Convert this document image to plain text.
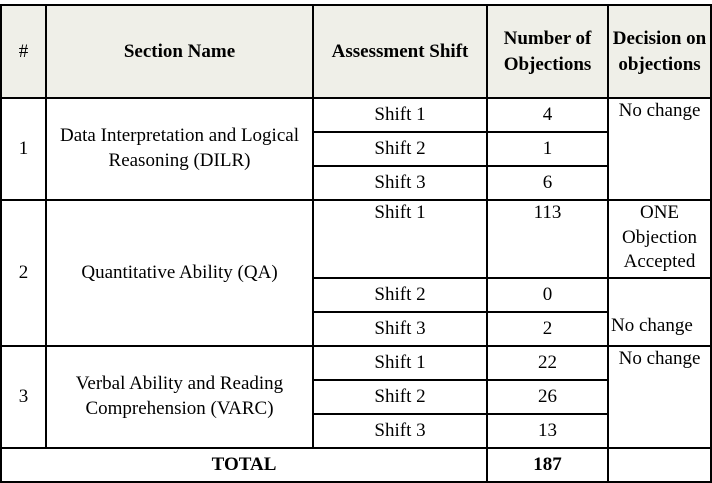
#	Section Name	Assessment Shift	Number of Objections	Decision on objections
1	Data Interpretation and Logical Reasoning (DILR)	Shift 1	4	No change
		Shift 2	1	
		Shift 3	6	
2	Quantitative Ability (QA)	Shift 1	113	ONE Objection Accepted
		Shift 2	0	No change
		Shift 3	2	
3	Verbal Ability and Reading Comprehension (VARC)	Shift 1	22	No change
		Shift 2	26	
		Shift 3	13	
TOTAL			187	
